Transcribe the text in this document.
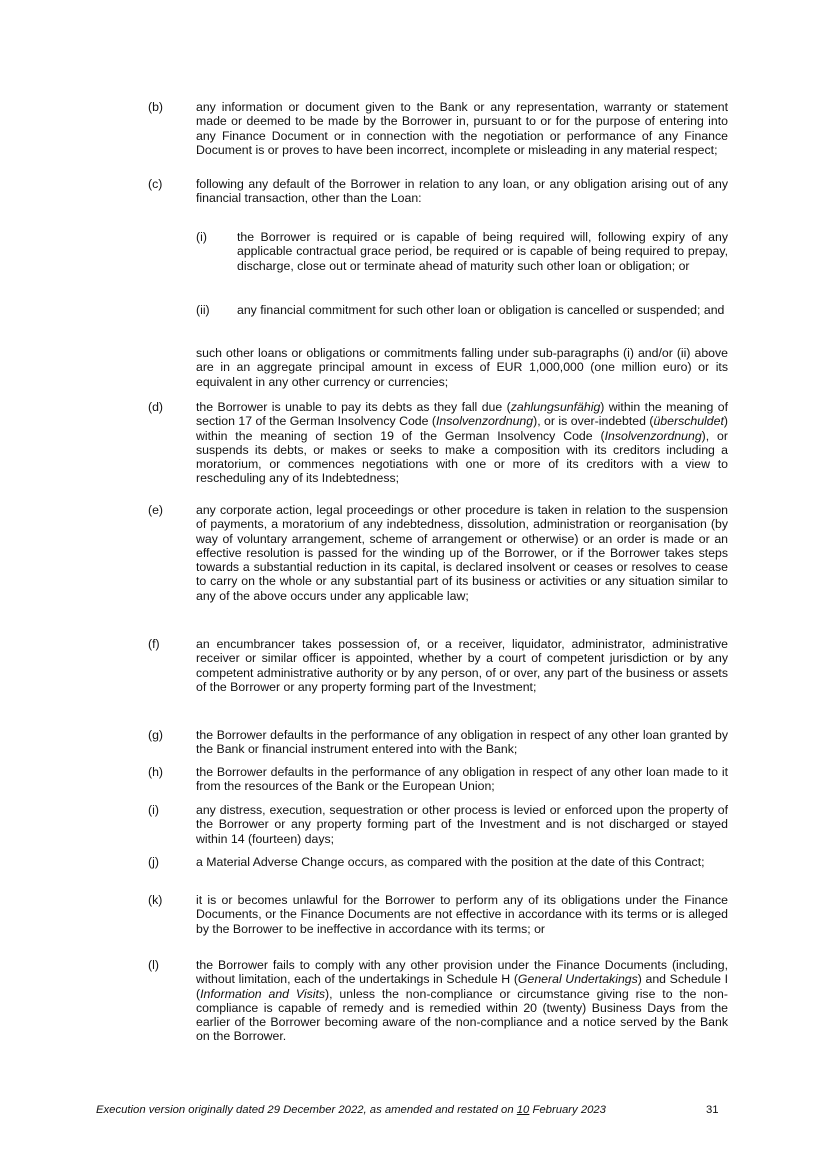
(b)	any information or document given to the Bank or any representation, warranty or statement made or deemed to be made by the Borrower in, pursuant to or for the purpose of entering into any Finance Document or in connection with the negotiation or performance of any Finance Document is or proves to have been incorrect, incomplete or misleading in any material respect;
(c)	following any default of the Borrower in relation to any loan, or any obligation arising out of any financial transaction, other than the Loan:
(i) the Borrower is required or is capable of being required will, following expiry of any applicable contractual grace period, be required or is capable of being required to prepay, discharge, close out or terminate ahead of maturity such other loan or obligation; or
(ii) any financial commitment for such other loan or obligation is cancelled or suspended; and
such other loans or obligations or commitments falling under sub-paragraphs (i) and/or (ii) above are in an aggregate principal amount in excess of EUR 1,000,000 (one million euro) or its equivalent in any other currency or currencies;
(d)	the Borrower is unable to pay its debts as they fall due (zahlungsunfähig) within the meaning of section 17 of the German Insolvency Code (Insolvenzordnung), or is over-indebted (überschuldet) within the meaning of section 19 of the German Insolvency Code (Insolvenzordnung), or suspends its debts, or makes or seeks to make a composition with its creditors including a moratorium, or commences negotiations with one or more of its creditors with a view to rescheduling any of its Indebtedness;
(e)	any corporate action, legal proceedings or other procedure is taken in relation to the suspension of payments, a moratorium of any indebtedness, dissolution, administration or reorganisation (by way of voluntary arrangement, scheme of arrangement or otherwise) or an order is made or an effective resolution is passed for the winding up of the Borrower, or if the Borrower takes steps towards a substantial reduction in its capital, is declared insolvent or ceases or resolves to cease to carry on the whole or any substantial part of its business or activities or any situation similar to any of the above occurs under any applicable law;
(f)	an encumbrancer takes possession of, or a receiver, liquidator, administrator, administrative receiver or similar officer is appointed, whether by a court of competent jurisdiction or by any competent administrative authority or by any person, of or over, any part of the business or assets of the Borrower or any property forming part of the Investment;
(g)	the Borrower defaults in the performance of any obligation in respect of any other loan granted by the Bank or financial instrument entered into with the Bank;
(h)	the Borrower defaults in the performance of any obligation in respect of any other loan made to it from the resources of the Bank or the European Union;
(i)	any distress, execution, sequestration or other process is levied or enforced upon the property of the Borrower or any property forming part of the Investment and is not discharged or stayed within 14 (fourteen) days;
(j)	a Material Adverse Change occurs, as compared with the position at the date of this Contract;
(k)	it is or becomes unlawful for the Borrower to perform any of its obligations under the Finance Documents, or the Finance Documents are not effective in accordance with its terms or is alleged by the Borrower to be ineffective in accordance with its terms; or
(l)	the Borrower fails to comply with any other provision under the Finance Documents (including, without limitation, each of the undertakings in Schedule H (General Undertakings) and Schedule I (Information and Visits), unless the non-compliance or circumstance giving rise to the non-compliance is capable of remedy and is remedied within 20 (twenty) Business Days from the earlier of the Borrower becoming aware of the non-compliance and a notice served by the Bank on the Borrower.
Execution version originally dated 29 December 2022, as amended and restated on 10 February 2023	31
